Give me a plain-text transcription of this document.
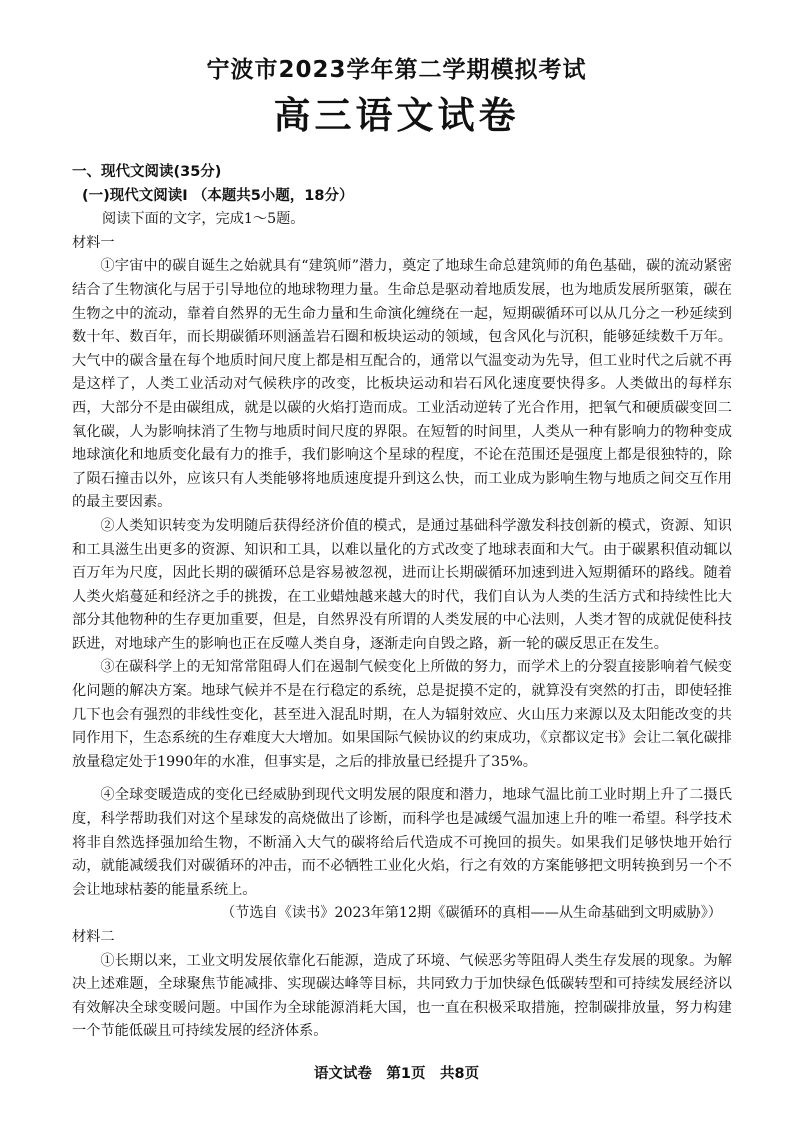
宁波市2023学年第二学期模拟考试
高三语文试卷

一、现代文阅读(35分)

(一)现代文阅读I （本题共5小题，18分）

阅读下面的文字，完成1～5题。

材料一

①宇宙中的碳自诞生之始就具有“建筑师”潜力，奠定了地球生命总建筑师的角色基础，碳的流动紧密结合了生物演化与居于引导地位的地球物理力量。生命总是驱动着地质发展，也为地质发展所驱策，碳在生物之中的流动，靠着自然界的无生命力量和生命演化缠绕在一起，短期碳循环可以从几分之一秒延续到数十年、数百年，而长期碳循环则涵盖岩石圈和板块运动的领域，包含风化与沉积，能够延续数千万年。大气中的碳含量在每个地质时间尺度上都是相互配合的，通常以气温变动为先导，但工业时代之后就不再是这样了，人类工业活动对气候秩序的改变，比板块运动和岩石风化速度要快得多。人类做出的每样东西，大部分不是由碳组成，就是以碳的火焰打造而成。工业活动逆转了光合作用，把氧气和硬质碳变回二氧化碳，人为影响抹消了生物与地质时间尺度的界限。在短暂的时间里，人类从一种有影响力的物种变成地球演化和地质变化最有力的推手，我们影响这个星球的程度，不论在范围还是强度上都是很独特的，除了陨石撞击以外，应该只有人类能够将地质速度提升到这么快，而工业成为影响生物与地质之间交互作用的最主要因素。

②人类知识转变为发明随后获得经济价值的模式，是通过基础科学激发科技创新的模式，资源、知识和工具滋生出更多的资源、知识和工具，以难以量化的方式改变了地球表面和大气。由于碳累积值动辄以百万年为尺度，因此长期的碳循环总是容易被忽视，进而让长期碳循环加速到进入短期循环的路线。随着人类火焰蔓延和经济之手的挑拨，在工业蜡烛越来越大的时代，我们自认为人类的生活方式和持续性比大部分其他物种的生存更加重要，但是，自然界没有所谓的人类发展的中心法则，人类才智的成就促使科技跃进，对地球产生的影响也正在反噬人类自身，逐渐走向自毁之路，新一轮的碳反思正在发生。

③在碳科学上的无知常常阻碍人们在遏制气候变化上所做的努力，而学术上的分裂直接影响着气候变化问题的解决方案。地球气候并不是在行稳定的系统，总是捉摸不定的，就算没有突然的打击，即使轻推几下也会有强烈的非线性变化，甚至进入混乱时期，在人为辐射效应、火山压力来源以及太阳能改变的共同作用下，生态系统的生存难度大大增加。如果国际气候协议的约束成功，《京都议定书》会让二氧化碳排放量稳定处于1990年的水准，但事实是，之后的排放量已经提升了35%。

④全球变暖造成的变化已经威胁到现代文明发展的限度和潜力，地球气温比前工业时期上升了二摄氏度，科学帮助我们对这个星球发的高烧做出了诊断，而科学也是减缓气温加速上升的唯一希望。科学技术将非自然选择强加给生物，不断涌入大气的碳将给后代造成不可挽回的损失。如果我们足够快地开始行动，就能减缓我们对碳循环的冲击，而不必牺牲工业化火焰，行之有效的方案能够把文明转换到另一个不会让地球枯萎的能量系统上。

（节选自《读书》2023年第12期《碳循环的真相——从生命基础到文明威胁》）

材料二

①长期以来，工业文明发展依靠化石能源，造成了环境、气候恶劣等阻碍人类生存发展的现象。为解决上述难题，全球聚焦节能减排、实现碳达峰等目标，共同致力于加快绿色低碳转型和可持续发展经济以有效解决全球变暖问题。中国作为全球能源消耗大国，也一直在积极采取措施，控制碳排放量，努力构建一个节能低碳且可持续发展的经济体系。

语文试卷　第1页　共8页
